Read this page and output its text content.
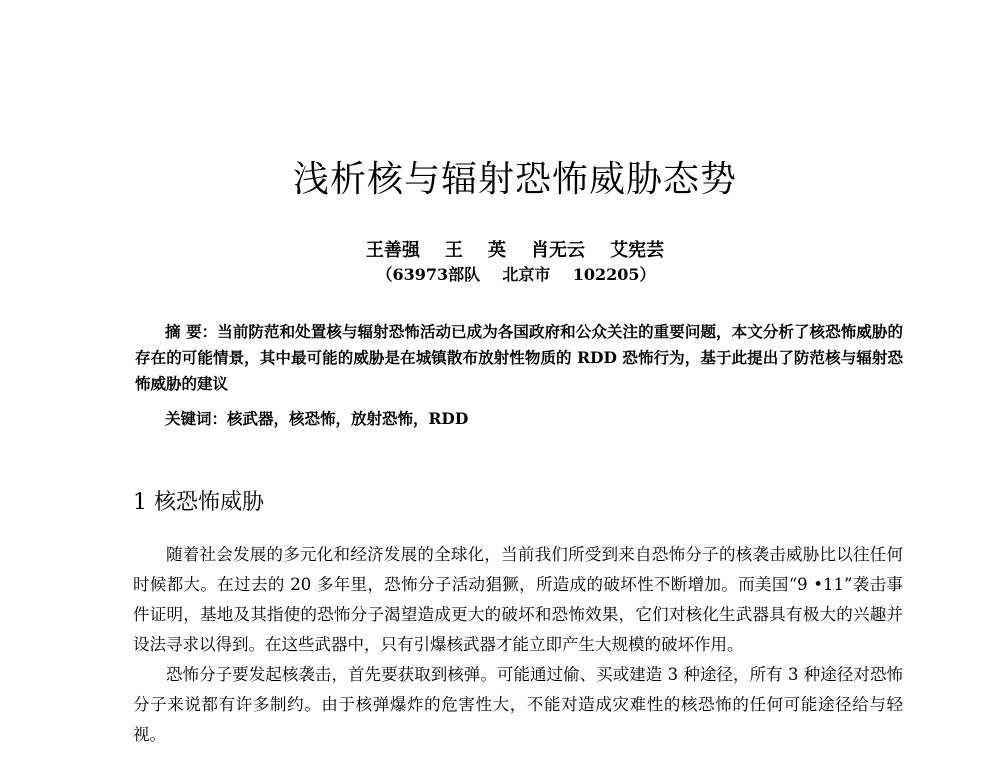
浅析核与辐射恐怖威胁态势
王善强    王    英    肖无云    艾宪芸
（63973部队    北京市    102205）

摘 要：当前防范和处置核与辐射恐怖活动已成为各国政府和公众关注的重要问题，本文分析了核恐怖威胁的存在的可能情景，其中最可能的威胁是在城镇散布放射性物质的 RDD 恐怖行为，基于此提出了防范核与辐射恐怖威胁的建议

关键词：核武器，核恐怖，放射恐怖，RDD
1 核恐怖威胁

随着社会发展的多元化和经济发展的全球化，当前我们所受到来自恐怖分子的核袭击威胁比以往任何时候都大。在过去的 20 多年里，恐怖分子活动猖獗，所造成的破坏性不断增加。而美国“9 •11”袭击事件证明，基地及其指使的恐怖分子渴望造成更大的破坏和恐怖效果，它们对核化生武器具有极大的兴趣并设法寻求以得到。在这些武器中，只有引爆核武器才能立即产生大规模的破坏作用。

恐怖分子要发起核袭击，首先要获取到核弹。可能通过偷、买或建造 3 种途径，所有 3 种途径对恐怖分子来说都有许多制约。由于核弹爆炸的危害性大，不能对造成灾难性的核恐怖的任何可能途径给与轻视。
